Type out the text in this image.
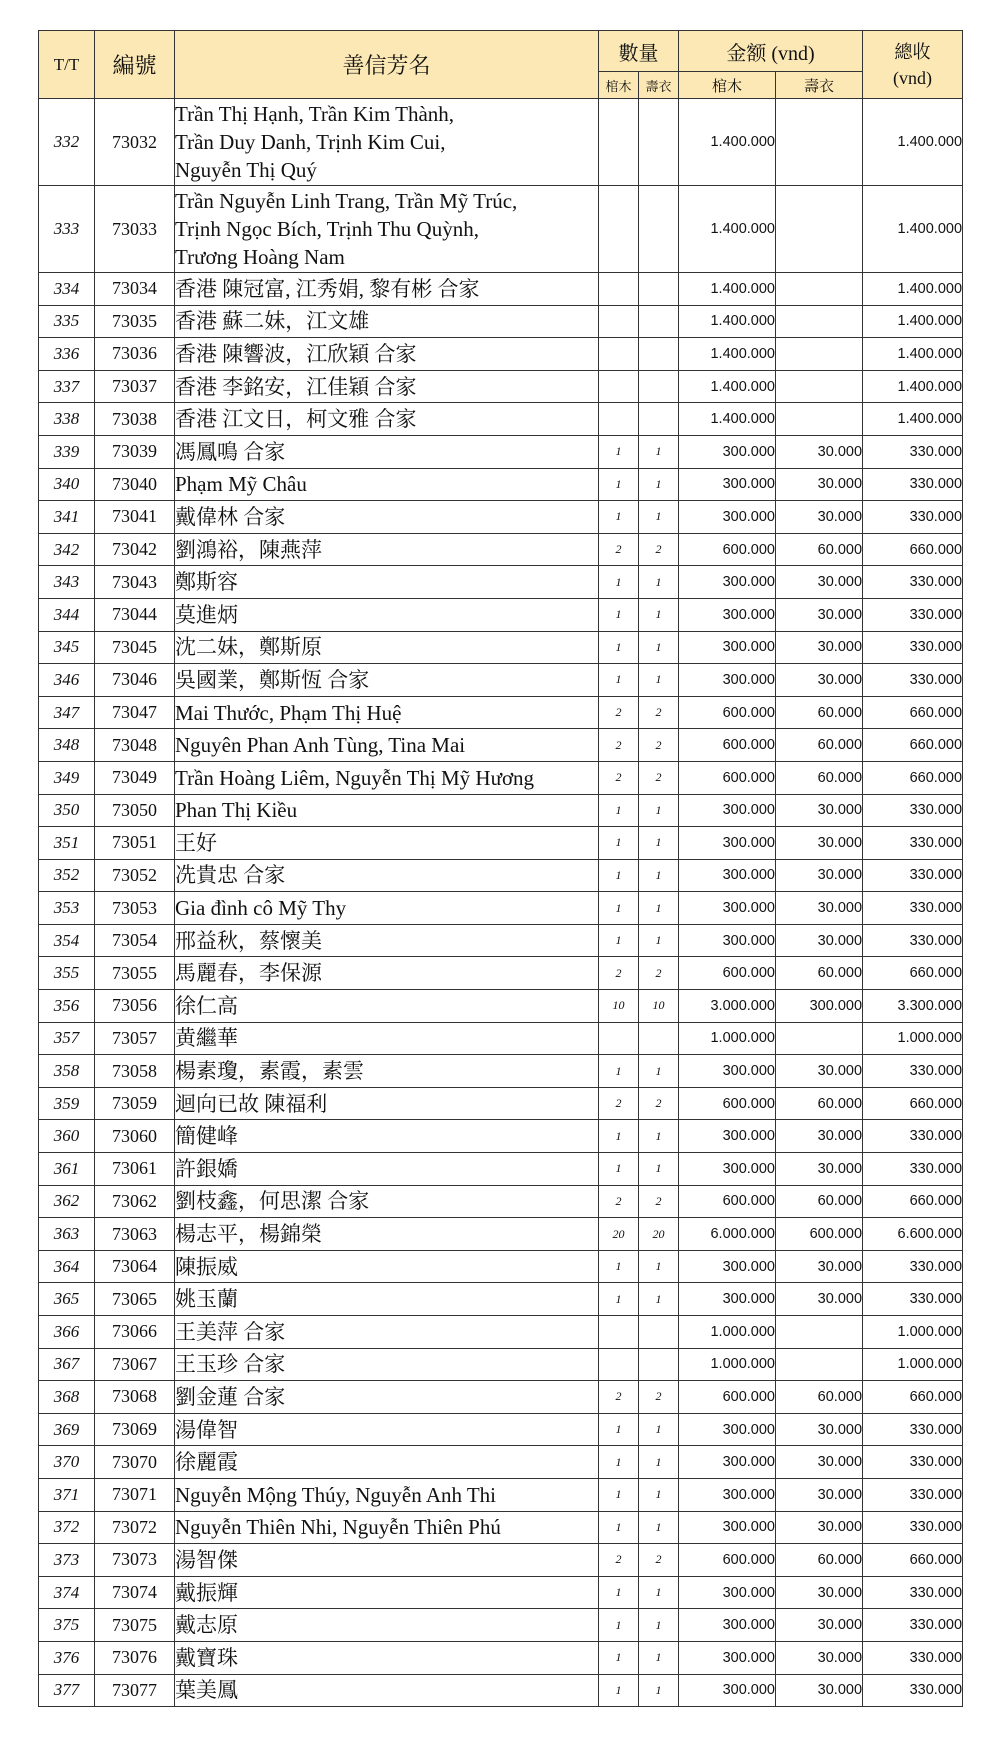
T/T	編號	善信芳名	數量		金额 (vnd)		總收
(vnd)
			棺木	壽衣	棺木	壽衣	
332	73032	Trần Thị Hạnh, Trần Kim Thành,
Trần Duy Danh, Trịnh Kim Cui,
Nguyễn Thị Quý			1.400.000		1.400.000
333	73033	Trần Nguyễn Linh Trang, Trần Mỹ Trúc,
Trịnh Ngọc Bích, Trịnh Thu Quỳnh,
Trương Hoàng Nam			1.400.000		1.400.000
334	73034	香港 陳冠富, 江秀娟, 黎有彬 合家			1.400.000		1.400.000
335	73035	香港 蘇二妹，江文雄			1.400.000		1.400.000
336	73036	香港 陳響波，江欣穎 合家			1.400.000		1.400.000
337	73037	香港 李銘安，江佳穎 合家			1.400.000		1.400.000
338	73038	香港 江文日，柯文雅 合家			1.400.000		1.400.000
339	73039	馮鳳鳴 合家	1	1	300.000	30.000	330.000
340	73040	Phạm Mỹ Châu	1	1	300.000	30.000	330.000
341	73041	戴偉林 合家	1	1	300.000	30.000	330.000
342	73042	劉鴻裕，陳燕萍	2	2	600.000	60.000	660.000
343	73043	鄭斯容	1	1	300.000	30.000	330.000
344	73044	莫進炳	1	1	300.000	30.000	330.000
345	73045	沈二妹，鄭斯原	1	1	300.000	30.000	330.000
346	73046	吳國業，鄭斯恆 合家	1	1	300.000	30.000	330.000
347	73047	Mai Thước, Phạm Thị Huệ	2	2	600.000	60.000	660.000
348	73048	Nguyên Phan Anh Tùng, Tina Mai	2	2	600.000	60.000	660.000
349	73049	Trần Hoàng Liêm, Nguyễn Thị Mỹ Hương	2	2	600.000	60.000	660.000
350	73050	Phan Thị Kiều	1	1	300.000	30.000	330.000
351	73051	王好	1	1	300.000	30.000	330.000
352	73052	冼貴忠 合家	1	1	300.000	30.000	330.000
353	73053	Gia đình cô Mỹ Thy	1	1	300.000	30.000	330.000
354	73054	邢益秋，蔡懷美	1	1	300.000	30.000	330.000
355	73055	馬麗春，李保源	2	2	600.000	60.000	660.000
356	73056	徐仁高	10	10	3.000.000	300.000	3.300.000
357	73057	黄繼華			1.000.000		1.000.000
358	73058	楊素瓊，素霞，素雲	1	1	300.000	30.000	330.000
359	73059	迴向已故 陳福利	2	2	600.000	60.000	660.000
360	73060	簡健峰	1	1	300.000	30.000	330.000
361	73061	許銀嬌	1	1	300.000	30.000	330.000
362	73062	劉枝鑫，何思潔 合家	2	2	600.000	60.000	660.000
363	73063	楊志平，楊錦榮	20	20	6.000.000	600.000	6.600.000
364	73064	陳振威	1	1	300.000	30.000	330.000
365	73065	姚玉蘭	1	1	300.000	30.000	330.000
366	73066	王美萍 合家			1.000.000		1.000.000
367	73067	王玉珍 合家			1.000.000		1.000.000
368	73068	劉金蓮 合家	2	2	600.000	60.000	660.000
369	73069	湯偉智	1	1	300.000	30.000	330.000
370	73070	徐麗霞	1	1	300.000	30.000	330.000
371	73071	Nguyễn Mộng Thúy, Nguyễn Anh Thi	1	1	300.000	30.000	330.000
372	73072	Nguyễn Thiên Nhi, Nguyễn Thiên Phú	1	1	300.000	30.000	330.000
373	73073	湯智傑	2	2	600.000	60.000	660.000
374	73074	戴振輝	1	1	300.000	30.000	330.000
375	73075	戴志原	1	1	300.000	30.000	330.000
376	73076	戴寶珠	1	1	300.000	30.000	330.000
377	73077	葉美鳳	1	1	300.000	30.000	330.000
